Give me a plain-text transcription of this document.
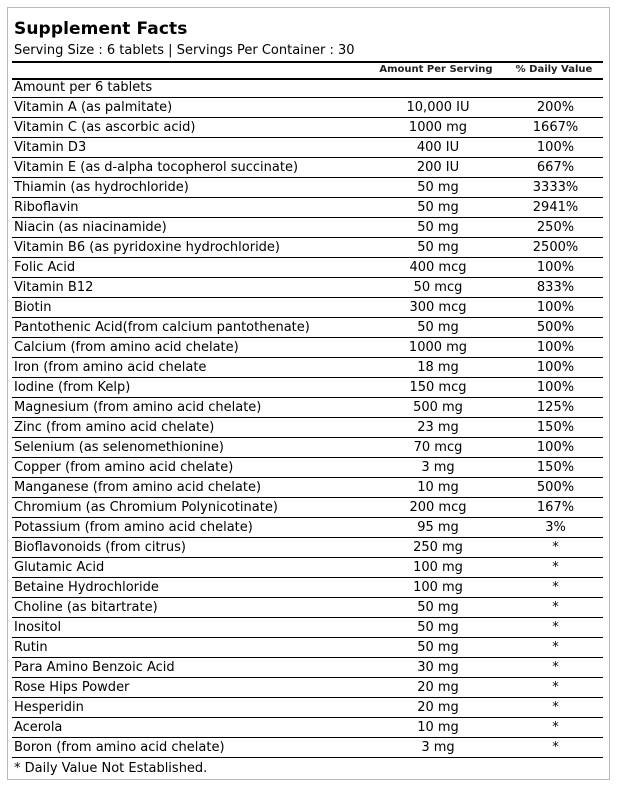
Supplement Facts
Serving Size : 6 tablets | Servings Per Container : 30
Amount Per Serving	% Daily Value
Amount per 6 tablets
Vitamin A (as palmitate)	10,000 IU	200%
Vitamin C (as ascorbic acid)	1000 mg	1667%
Vitamin D3	400 IU	100%
Vitamin E (as d-alpha tocopherol succinate)	200 IU	667%
Thiamin (as hydrochloride)	50 mg	3333%
Riboflavin	50 mg	2941%
Niacin (as niacinamide)	50 mg	250%
Vitamin B6 (as pyridoxine hydrochloride)	50 mg	2500%
Folic Acid	400 mcg	100%
Vitamin B12	50 mcg	833%
Biotin	300 mcg	100%
Pantothenic Acid(from calcium pantothenate)	50 mg	500%
Calcium (from amino acid chelate)	1000 mg	100%
Iron (from amino acid chelate	18 mg	100%
Iodine (from Kelp)	150 mcg	100%
Magnesium (from amino acid chelate)	500 mg	125%
Zinc (from amino acid chelate)	23 mg	150%
Selenium (as selenomethionine)	70 mcg	100%
Copper (from amino acid chelate)	3 mg	150%
Manganese (from amino acid chelate)	10 mg	500%
Chromium (as Chromium Polynicotinate)	200 mcg	167%
Potassium (from amino acid chelate)	95 mg	3%
Bioflavonoids (from citrus)	250 mg	*
Glutamic Acid	100 mg	*
Betaine Hydrochloride	100 mg	*
Choline (as bitartrate)	50 mg	*
Inositol	50 mg	*
Rutin	50 mg	*
Para Amino Benzoic Acid	30 mg	*
Rose Hips Powder	20 mg	*
Hesperidin	20 mg	*
Acerola	10 mg	*
Boron (from amino acid chelate)	3 mg	*
* Daily Value Not Established.
